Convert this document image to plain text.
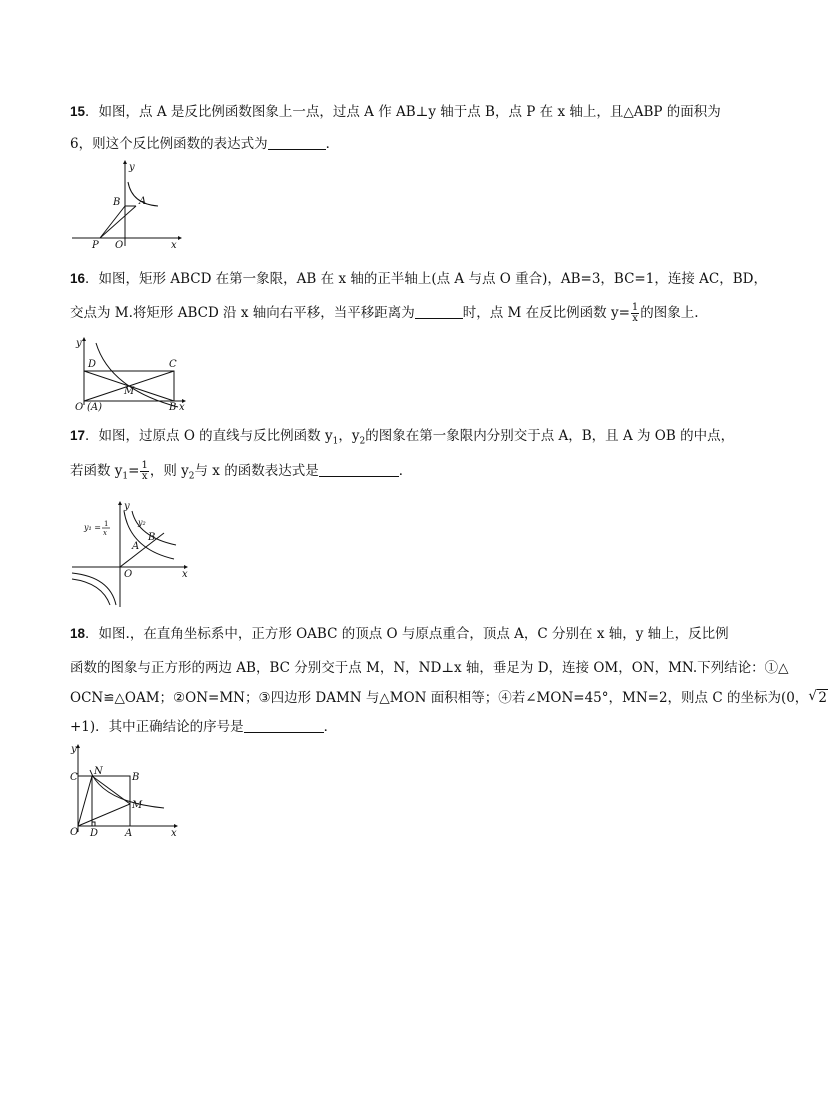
15．如图，点 A 是反比例函数图象上一点，过点 A 作 AB⊥y 轴于点 B，点 P 在 x 轴上，且△ABP 的面积为
6，则这个反比例函数的表达式为	．
y
B A
P O	x
16．如图，矩形 ABCD 在第一象限，AB 在 x 轴的正半轴上(点 A 与点 O 重合)，AB=3，BC=1，连接 AC，BD，
交点为 M.将矩形 ABCD 沿 x 轴向右平移，当平移距离为	时，点 M 在反比例函数 $y= \frac{1}{x}$ 的图象上.
y
D	C
M
O (A)	B x
17．如图，过原点 O 的直线与反比例函数 $y_1$，$y_2$的图象在第一象限内分别交于点 A，B，且 A 为 OB 的中点，
若函数 $y_1= \frac{1}{x}$ ，则 $y_2$与 x 的函数表达式是	．
y
y₁ = 1
x
y₂
B
A
O	x
18．如图.，在直角坐标系中，正方形 OABC 的顶点 O 与原点重合，顶点 A，C 分别在 x 轴，y 轴上，反比例
函数的图象与正方形的两边 AB，BC 分别交于点 M，N，ND⊥x 轴，垂足为 D，连接 OM，ON，MN.下列结论：①△
OCN≌△OAM；②ON=MN；③四边形 DAMN 与△MON 面积相等；④若∠MON=45°，MN=2，则点 C 的坐标为(0， √ 2
+1)．其中正确结论的序号是	．
y
C
N
B
M
O D	A	x
